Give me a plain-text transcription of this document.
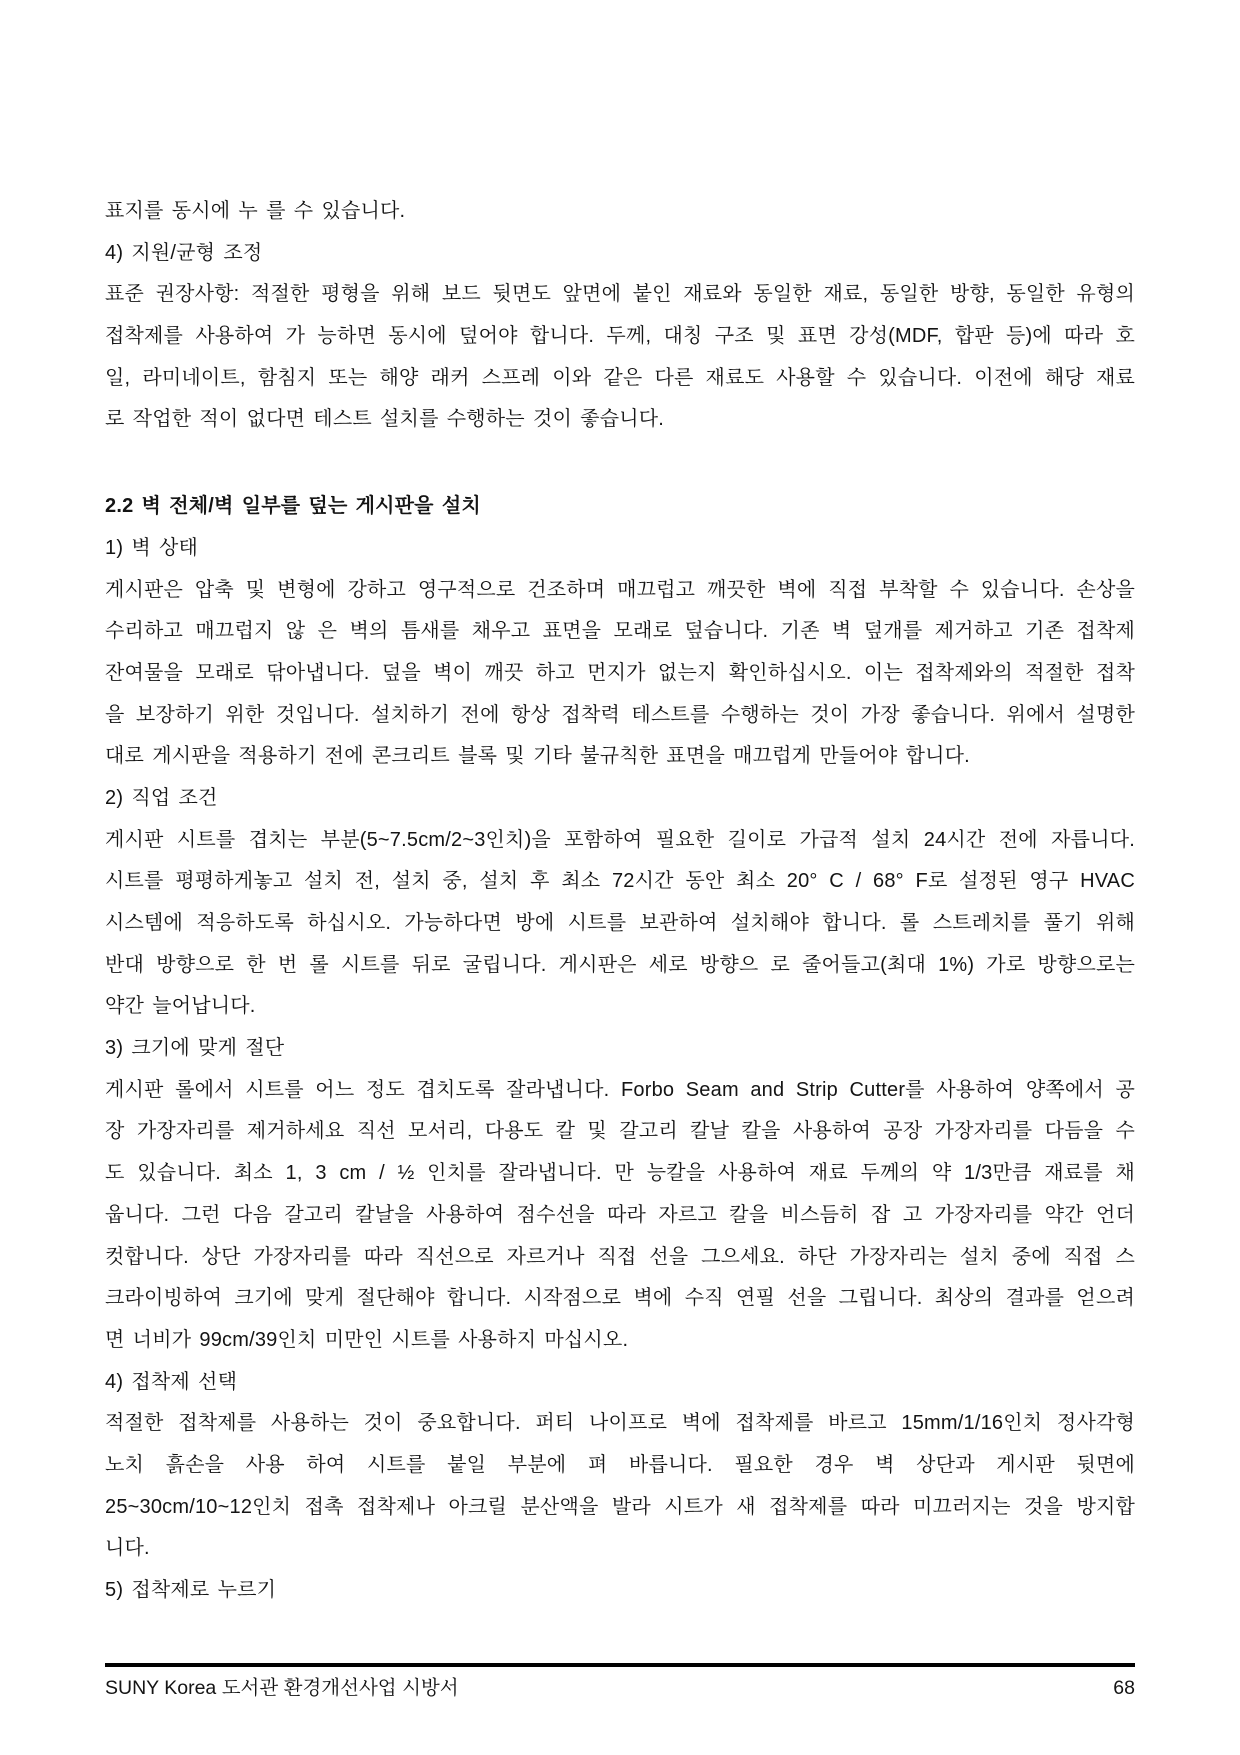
표지를 동시에 누 를 수 있습니다.
4) 지원/균형 조정
표준 권장사항: 적절한 평형을 위해 보드 뒷면도 앞면에 붙인 재료와 동일한 재료, 동일한 방향, 동일한 유형의
접착제를 사용하여 가 능하면 동시에 덮어야 합니다. 두께, 대칭 구조 및 표면 강성(MDF, 합판 등)에 따라 호
일, 라미네이트, 함침지 또는 해양 래커 스프레 이와 같은 다른 재료도 사용할 수 있습니다. 이전에 해당 재료
로 작업한 적이 없다면 테스트 설치를 수행하는 것이 좋습니다.
2.2 벽 전체/벽 일부를 덮는 게시판을 설치
1) 벽 상태
게시판은 압축 및 변형에 강하고 영구적으로 건조하며 매끄럽고 깨끗한 벽에 직접 부착할 수 있습니다. 손상을
수리하고 매끄럽지 않 은 벽의 틈새를 채우고 표면을 모래로 덮습니다. 기존 벽 덮개를 제거하고 기존 접착제
잔여물을 모래로 닦아냅니다. 덮을 벽이 깨끗 하고 먼지가 없는지 확인하십시오. 이는 접착제와의 적절한 접착
을 보장하기 위한 것입니다. 설치하기 전에 항상 접착력 테스트를 수행하는 것이 가장 좋습니다. 위에서 설명한
대로 게시판을 적용하기 전에 콘크리트 블록 및 기타 불규칙한 표면을 매끄럽게 만들어야 합니다.
2) 직업 조건
게시판 시트를 겹치는 부분(5~7.5cm/2~3인치)을 포함하여 필요한 길이로 가급적 설치 24시간 전에 자릅니다.
시트를 평평하게놓고 설치 전, 설치 중, 설치 후 최소 72시간 동안 최소 20° C / 68° F로 설정된 영구 HVAC
시스템에 적응하도록 하십시오. 가능하다면 방에 시트를 보관하여 설치해야 합니다. 롤 스트레치를 풀기 위해
반대 방향으로 한 번 롤 시트를 뒤로 굴립니다. 게시판은 세로 방향으 로 줄어들고(최대 1%) 가로 방향으로는
약간 늘어납니다.
3) 크기에 맞게 절단
게시판 롤에서 시트를 어느 정도 겹치도록 잘라냅니다. Forbo Seam and Strip Cutter를 사용하여 양쪽에서 공
장 가장자리를 제거하세요 직선 모서리, 다용도 칼 및 갈고리 칼날 칼을 사용하여 공장 가장자리를 다듬을 수
도 있습니다. 최소 1, 3 cm / ½ 인치를 잘라냅니다. 만 능칼을 사용하여 재료 두께의 약 1/3만큼 재료를 채
웁니다. 그런 다음 갈고리 칼날을 사용하여 점수선을 따라 자르고 칼을 비스듬히 잡 고 가장자리를 약간 언더
컷합니다. 상단 가장자리를 따라 직선으로 자르거나 직접 선을 그으세요. 하단 가장자리는 설치 중에 직접 스
크라이빙하여 크기에 맞게 절단해야 합니다. 시작점으로 벽에 수직 연필 선을 그립니다. 최상의 결과를 얻으려
면 너비가 99cm/39인치 미만인 시트를 사용하지 마십시오.
4) 접착제 선택
적절한 접착제를 사용하는 것이 중요합니다. 퍼티 나이프로 벽에 접착제를 바르고 15mm/1/16인치 정사각형
노치 흙손을 사용 하여 시트를 붙일 부분에 펴 바릅니다. 필요한 경우 벽 상단과 게시판 뒷면에
25~30cm/10~12인치 접촉 접착제나 아크릴 분산액을 발라 시트가 새 접착제를 따라 미끄러지는 것을 방지합
니다.
5) 접착제로 누르기
SUNY Korea 도서관 환경개선사업 시방서	68
